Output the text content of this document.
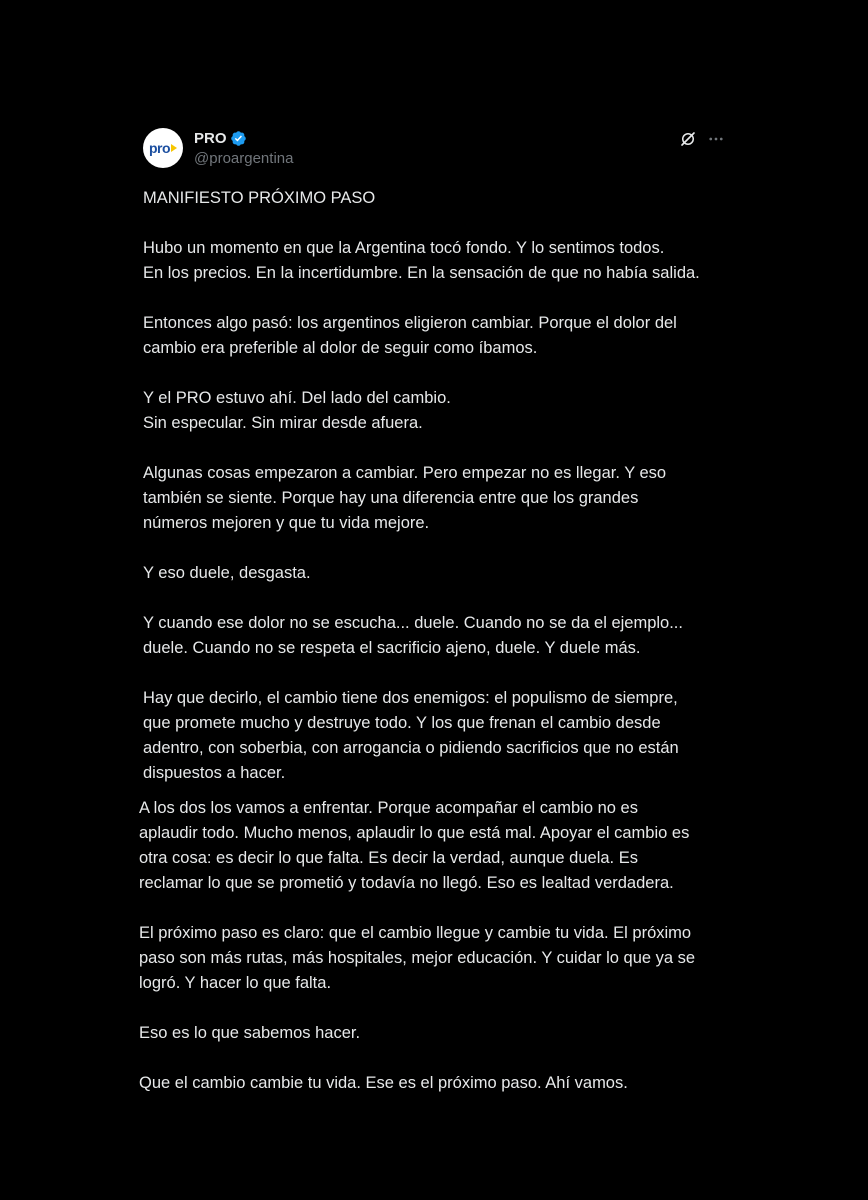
pro
PRO
@proargentina

MANIFIESTO PRÓXIMO PASO

Hubo un momento en que la Argentina tocó fondo. Y lo sentimos todos.
En los precios. En la incertidumbre. En la sensación de que no había salida.

Entonces algo pasó: los argentinos eligieron cambiar. Porque el dolor del
cambio era preferible al dolor de seguir como íbamos.

Y el PRO estuvo ahí. Del lado del cambio.
Sin especular. Sin mirar desde afuera.

Algunas cosas empezaron a cambiar. Pero empezar no es llegar. Y eso
también se siente. Porque hay una diferencia entre que los grandes
números mejoren y que tu vida mejore.

Y eso duele, desgasta.

Y cuando ese dolor no se escucha... duele. Cuando no se da el ejemplo...
duele. Cuando no se respeta el sacrificio ajeno, duele. Y duele más.

Hay que decirlo, el cambio tiene dos enemigos: el populismo de siempre,
que promete mucho y destruye todo. Y los que frenan el cambio desde
adentro, con soberbia, con arrogancia o pidiendo sacrificios que no están
dispuestos a hacer.

A los dos los vamos a enfrentar. Porque acompañar el cambio no es
aplaudir todo. Mucho menos, aplaudir lo que está mal. Apoyar el cambio es
otra cosa: es decir lo que falta. Es decir la verdad, aunque duela. Es
reclamar lo que se prometió y todavía no llegó. Eso es lealtad verdadera.

El próximo paso es claro: que el cambio llegue y cambie tu vida. El próximo
paso son más rutas, más hospitales, mejor educación. Y cuidar lo que ya se
logró. Y hacer lo que falta.

Eso es lo que sabemos hacer.

Que el cambio cambie tu vida. Ese es el próximo paso. Ahí vamos.
